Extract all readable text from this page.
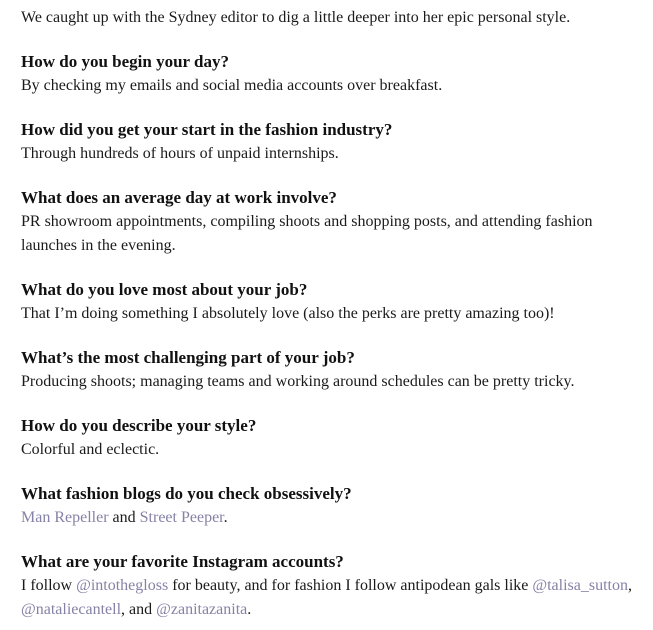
We caught up with the Sydney editor to dig a little deeper into her epic personal style.

How do you begin your day?

By checking my emails and social media accounts over breakfast.

How did you get your start in the fashion industry?

Through hundreds of hours of unpaid internships.

What does an average day at work involve?

PR showroom appointments, compiling shoots and shopping posts, and attending fashion launches in the evening.

What do you love most about your job?

That I’m doing something I absolutely love (also the perks are pretty amazing too)!

What’s the most challenging part of your job?

Producing shoots; managing teams and working around schedules can be pretty tricky.

How do you describe your style?

Colorful and eclectic.

What fashion blogs do you check obsessively?

Man Repeller and Street Peeper.

What are your favorite Instagram accounts?

I follow @intothegloss for beauty, and for fashion I follow antipodean gals like @talisa_sutton, @nataliecantell, and @zanitazanita.
